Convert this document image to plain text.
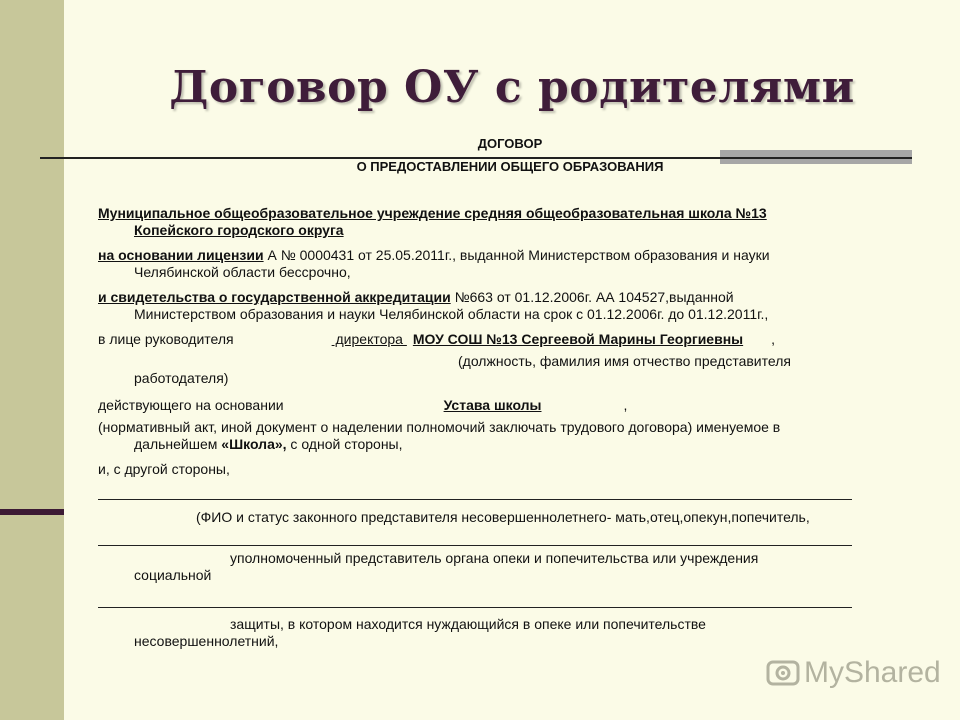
Договор ОУ с родителями
ДОГОВОР
О ПРЕДОСТАВЛЕНИИ ОБЩЕГО ОБРАЗОВАНИЯ
Муниципальное общеобразовательное учреждение средняя общеобразовательная школа №13
Копейского городского округа
на основании лицензии А № 0000431 от 25.05.2011г., выданной Министерством образования и науки
Челябинской области бессрочно,
и свидетельства о государственной аккредитации №663 от 01.12.2006г. АА 104527,выданной
Министерством образования и науки Челябинской области на срок с 01.12.2006г. до 01.12.2011г.,
в лице руководителя	директора МОУ СОШ №13 Сергеевой Марины Георгиевны ,
(должность, фамилия имя отчество представителя
работодателя)
действующего на основании	Устава школы	,
(нормативный акт, иной документ о наделении полномочий заключать трудового договора) именуемое в
дальнейшем «Школа», с одной стороны,
и, с другой стороны,
(ФИО и статус законного представителя несовершеннолетнего- мать,отец,опекун,попечитель,
уполномоченный представитель органа опеки и попечительства или учреждения
социальной
защиты, в котором находится нуждающийся в опеке или попечительстве
несовершеннолетний,
MyShared
